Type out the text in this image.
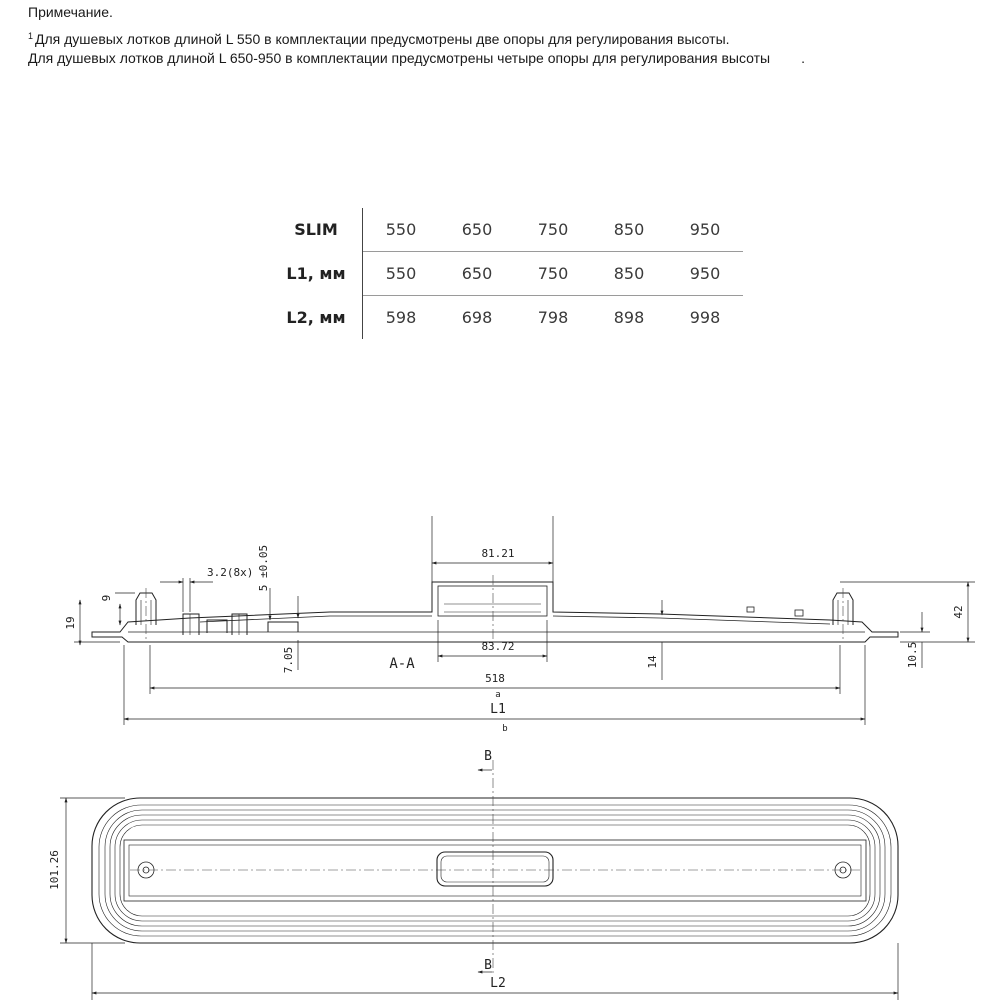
Примечание.
$^1$ Для душевых лотков длиной L 550 в комплектации предусмотрены две опоры для регулирования высоты.
Для душевых лотков длиной L 650-950 в комплектации предусмотрены четыре опоры для регулирования высоты .
SLIM	550	650	750	850	950
L1, мм	550	650	750	850	950
L2, мм	598	698	798	898	998
81.21
83.72
3.2(8x) 5 ±0.05
9
19
7.05	A-A	14
42
10.5
518
a
L1
b
B
B
101.26
L2
